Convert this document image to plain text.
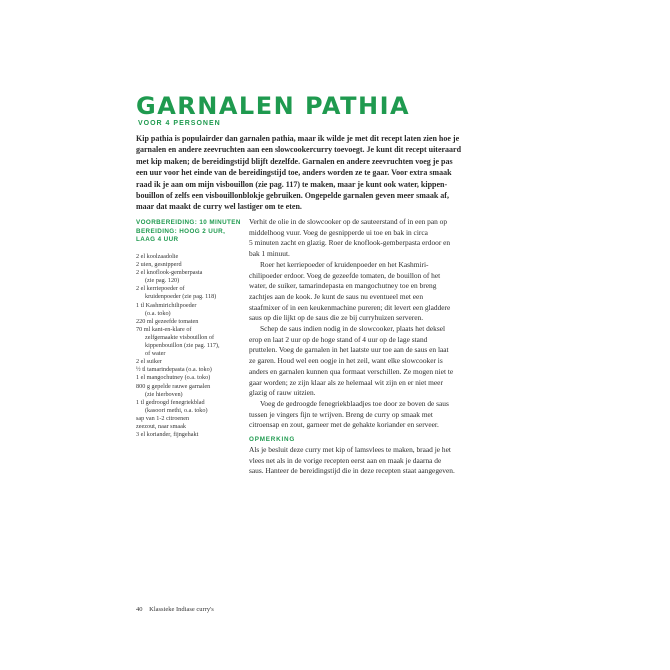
GARNALEN PATHIA
VOOR 4 PERSONEN
Kip pathia is populairder dan garnalen pathia, maar ik wilde je met dit recept laten zien hoe je
garnalen en andere zeevruchten aan een slowcookercurry toevoegt. Je kunt dit recept uiteraard
met kip maken; de bereidingstijd blijft dezelfde. Garnalen en andere zeevruchten voeg je pas
een uur voor het einde van de bereidingstijd toe, anders worden ze te gaar. Voor extra smaak
raad ik je aan om mijn visbouillon (zie pag. 117) te maken, maar je kunt ook water, kippen-
bouillon of zelfs een visbouillonblokje gebruiken. Ongepelde garnalen geven meer smaak af,
maar dat maakt de curry wel lastiger om te eten.
VOORBEREIDING: 10 MINUTEN
BEREIDING: HOOG 2 UUR,
LAAG 4 UUR
2 el koolzaadolie
2 uien, gesnipperd
2 el knoflook-gemberpasta
(zie pag. 120)
2 el kerriepoeder of
kruidenpoeder (zie pag. 118)
1 tl Kashmirichilipoeder
(o.a. toko)
220 ml gezeefde tomaten
70 ml kant-en-klare of
zelfgemaakte visbouillon of
kippenbouillon (zie pag. 117),
of water
2 el suiker
½ tl tamarindepasta (o.a. toko)
1 el mangochutney (o.a. toko)
800 g gepelde rauwe garnalen
(zie hierboven)
1 tl gedroogd fenegriekblad
(kasoori methi, o.a. toko)
sap van 1-2 citroenen
zeezout, naar smaak
3 el koriander, fijngehakt
Verhit de olie in de slowcooker op de sauteerstand of in een pan op
middelhoog vuur. Voeg de gesnipperde ui toe en bak in circa
5 minuten zacht en glazig. Roer de knoflook-gemberpasta erdoor en
bak 1 minuut.
Roer het kerriepoeder of kruidenpoeder en het Kashmiri-
chilipoeder erdoor. Voeg de gezeefde tomaten, de bouillon of het
water, de suiker, tamarindepasta en mangochutney toe en breng
zachtjes aan de kook. Je kunt de saus nu eventueel met een
staafmixer of in een keukenmachine pureren; dit levert een gladdere
saus op die lijkt op de saus die ze bij curryhuizen serveren.
Schep de saus indien nodig in de slowcooker, plaats het deksel
erop en laat 2 uur op de hoge stand of 4 uur op de lage stand
pruttelen. Voeg de garnalen in het laatste uur toe aan de saus en laat
ze garen. Houd wel een oogje in het zeil, want elke slowcooker is
anders en garnalen kunnen qua formaat verschillen. Ze mogen niet te
gaar worden; ze zijn klaar als ze helemaal wit zijn en er niet meer
glazig of rauw uitzien.
Voeg de gedroogde fenegriekblaadjes toe door ze boven de saus
tussen je vingers fijn te wrijven. Breng de curry op smaak met
citroensap en zout, garneer met de gehakte koriander en serveer.
OPMERKING
Als je besluit deze curry met kip of lamsvlees te maken, braad je het
vlees net als in de vorige recepten eerst aan en maak je daarna de
saus. Hanteer de bereidingstijd die in deze recepten staat aangegeven.
40 Klassieke Indiase curry's
